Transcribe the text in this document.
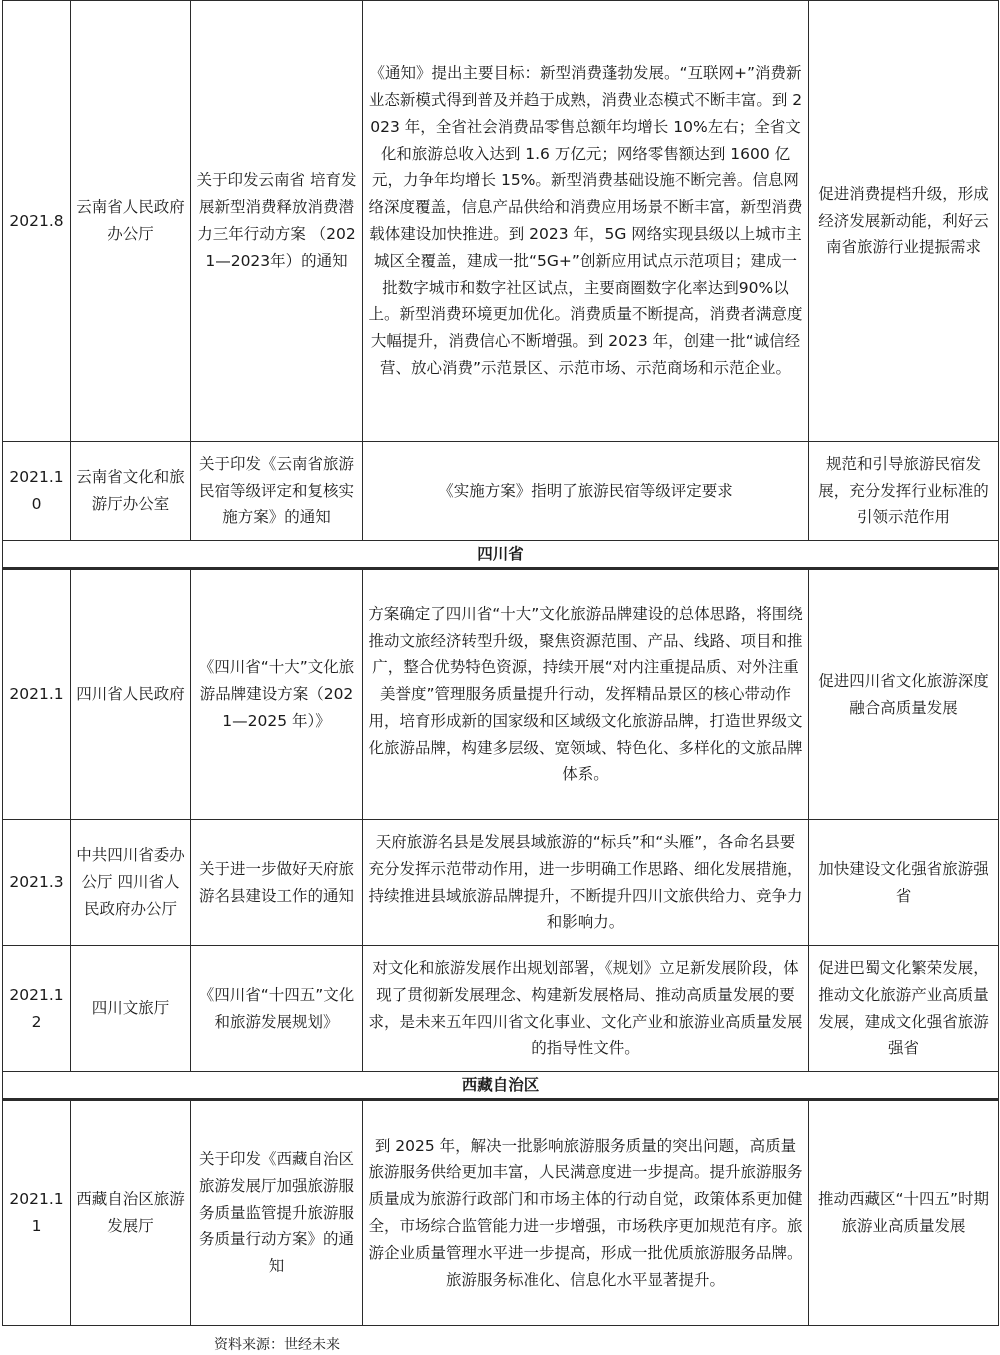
2021.8	云南省人民政府办公厅	关于印发云南省 培育发展新型消费释放消费潜力三年行动方案 （2021—2023年）的通知	《通知》提出主要目标：新型消费蓬勃发展。“互联网+”消费新业态新模式得到普及并趋于成熟，消费业态模式不断丰富。到 2023 年，全省社会消费品零售总额年均增长 10%左右；全省文化和旅游总收入达到 1.6 万亿元；网络零售额达到 1600 亿元，力争年均增长 15%。新型消费基础设施不断完善。信息网络深度覆盖，信息产品供给和消费应用场景不断丰富，新型消费载体建设加快推进。到 2023 年，5G 网络实现县级以上城市主城区全覆盖，建成一批“5G+”创新应用试点示范项目；建成一批数字城市和数字社区试点，主要商圈数字化率达到90%以上。新型消费环境更加优化。消费质量不断提高，消费者满意度大幅提升，消费信心不断增强。到 2023 年，创建一批“诚信经营、放心消费”示范景区、示范市场、示范商场和示范企业。	促进消费提档升级，形成经济发展新动能，利好云南省旅游行业提振需求
2021.10	云南省文化和旅游厅办公室	关于印发《云南省旅游民宿等级评定和复核实施方案》的通知	《实施方案》指明了旅游民宿等级评定要求	规范和引导旅游民宿发展，充分发挥行业标准的引领示范作用
四川省				
2021.1	四川省人民政府	《四川省“十大”文化旅游品牌建设方案（2021—2025 年）》	方案确定了四川省“十大”文化旅游品牌建设的总体思路，将围绕推动文旅经济转型升级，聚焦资源范围、产品、线路、项目和推广，整合优势特色资源，持续开展“对内注重提品质、对外注重美誉度”管理服务质量提升行动，发挥精品景区的核心带动作用，培育形成新的国家级和区域级文化旅游品牌，打造世界级文化旅游品牌，构建多层级、宽领域、特色化、多样化的文旅品牌体系。	促进四川省文化旅游深度融合高质量发展
2021.3	中共四川省委办公厅 四川省人民政府办公厅	关于进一步做好天府旅游名县建设工作的通知	天府旅游名县是发展县域旅游的“标兵”和“头雁”，各命名县要充分发挥示范带动作用，进一步明确工作思路、细化发展措施，持续推进县域旅游品牌提升，不断提升四川文旅供给力、竞争力和影响力。	加快建设文化强省旅游强省
2021.12	四川文旅厅	《四川省“十四五”文化和旅游发展规划》	对文化和旅游发展作出规划部署，《规划》立足新发展阶段，体现了贯彻新发展理念、构建新发展格局、推动高质量发展的要求，是未来五年四川省文化事业、文化产业和旅游业高质量发展的指导性文件。	促进巴蜀文化繁荣发展，推动文化旅游产业高质量发展，建成文化强省旅游强省
西藏自治区				
2021.11	西藏自治区旅游发展厅	关于印发《西藏自治区旅游发展厅加强旅游服务质量监管提升旅游服务质量行动方案》的通知	到 2025 年，解决一批影响旅游服务质量的突出问题，高质量旅游服务供给更加丰富，人民满意度进一步提高。提升旅游服务质量成为旅游行政部门和市场主体的行动自觉，政策体系更加健全，市场综合监管能力进一步增强，市场秩序更加规范有序。旅游企业质量管理水平进一步提高，形成一批优质旅游服务品牌。旅游服务标准化、信息化水平显著提升。	推动西藏区“十四五”时期旅游业高质量发展
资料来源：世经未来
